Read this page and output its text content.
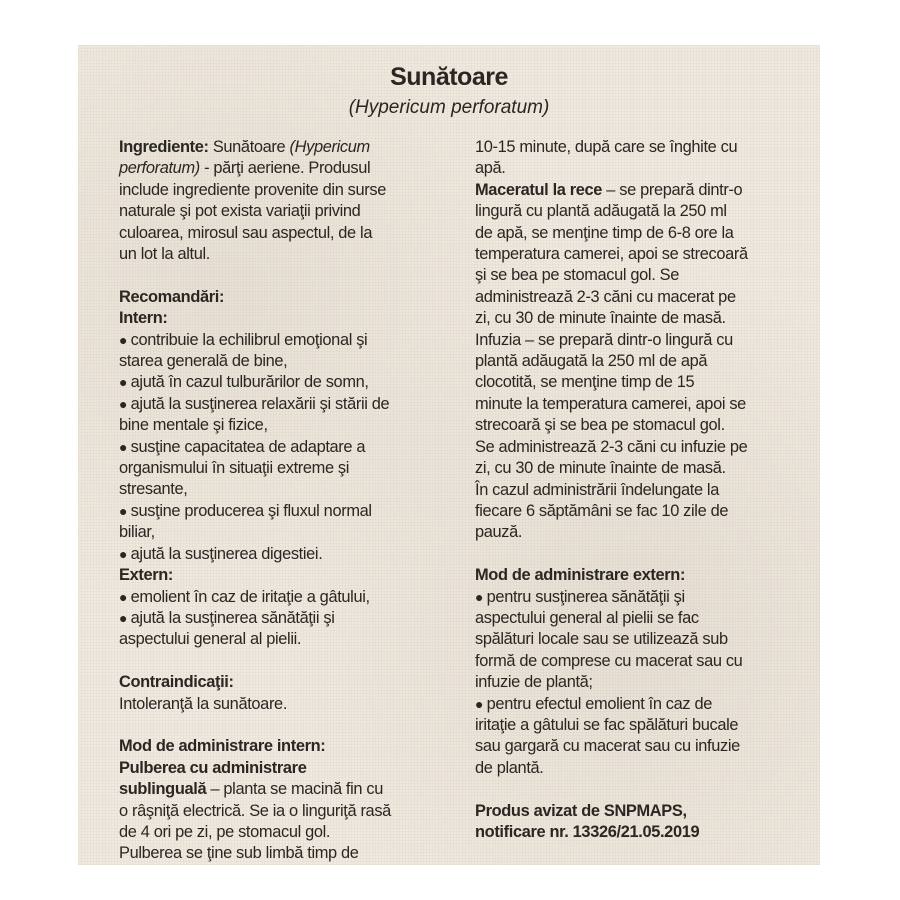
Sunătoare

(Hypericum perforatum)

Ingrediente: Sunătoare (Hypericum

perforatum) - părţi aeriene. Produsul

include ingrediente provenite din surse

naturale şi pot exista variaţii privind

culoarea, mirosul sau aspectul, de la

un lot la altul.

Recomandări:

Intern:

● contribuie la echilibrul emoţional şi

starea generală de bine,

● ajută în cazul tulburărilor de somn,

● ajută la susţinerea relaxării şi stării de

bine mentale şi fizice,

● susţine capacitatea de adaptare a

organismului în situaţii extreme şi

stresante,

● susţine producerea şi fluxul normal

biliar,

● ajută la susţinerea digestiei.

Extern:

● emolient în caz de iritaţie a gâtului,

● ajută la susţinerea sănătăţii şi

aspectului general al pielii.

Contraindicaţii:

Intoleranţă la sunătoare.

Mod de administrare intern:

Pulberea cu administrare

sublinguală – planta se macină fin cu

o râşniţă electrică. Se ia o linguriţă rasă

de 4 ori pe zi, pe stomacul gol.

Pulberea se ţine sub limbă timp de

10-15 minute, după care se înghite cu

apă.

Maceratul la rece – se prepară dintr-o

lingură cu plantă adăugată la 250 ml

de apă, se menţine timp de 6-8 ore la

temperatura camerei, apoi se strecoară

şi se bea pe stomacul gol. Se

administrează 2-3 căni cu macerat pe

zi, cu 30 de minute înainte de masă.

Infuzia – se prepară dintr-o lingură cu

plantă adăugată la 250 ml de apă

clocotită, se menţine timp de 15

minute la temperatura camerei, apoi se

strecoară şi se bea pe stomacul gol.

Se administrează 2-3 căni cu infuzie pe

zi, cu 30 de minute înainte de masă.

În cazul administrării îndelungate la

fiecare 6 săptămâni se fac 10 zile de

pauză.

Mod de administrare extern:

● pentru susţinerea sănătăţii şi

aspectului general al pielii se fac

spălături locale sau se utilizează sub

formă de comprese cu macerat sau cu

infuzie de plantă;

● pentru efectul emolient în caz de

iritaţie a gâtului se fac spălături bucale

sau gargară cu macerat sau cu infuzie

de plantă.

Produs avizat de SNPMAPS,

notificare nr. 13326/21.05.2019
